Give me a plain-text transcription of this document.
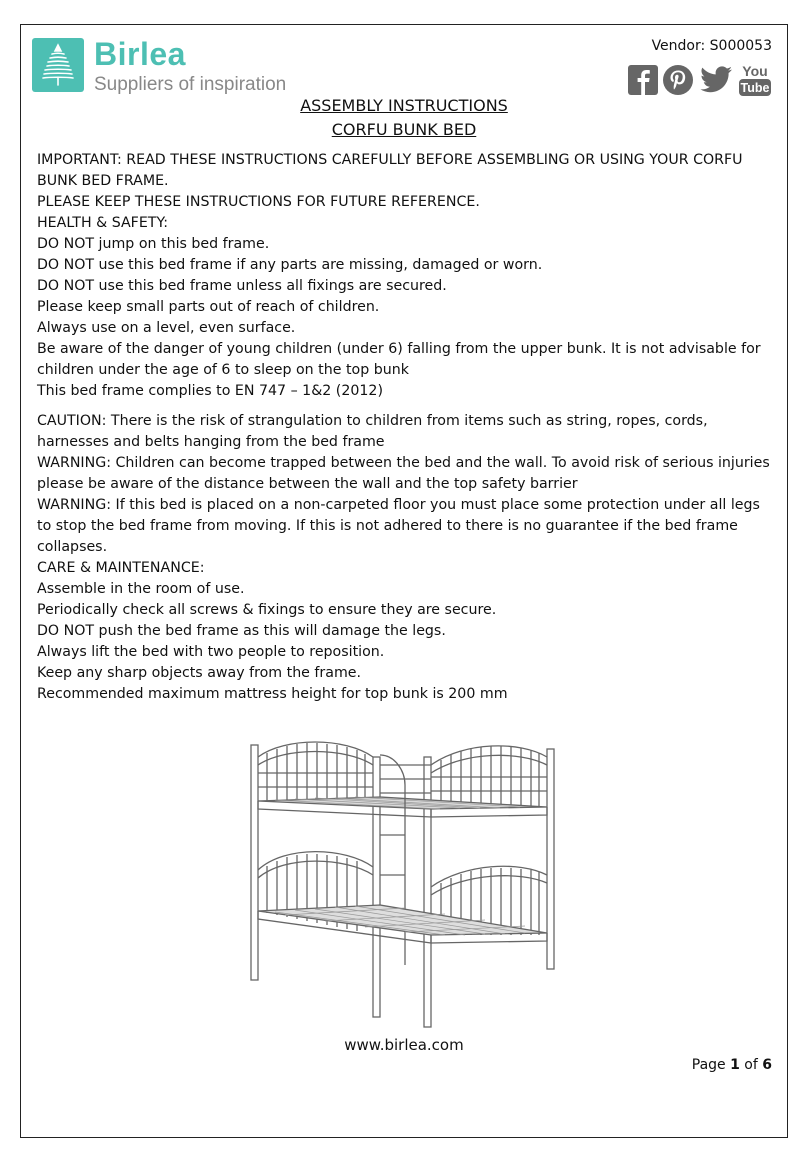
Birlea
Suppliers of inspiration
Vendor: S000053
You
Tube
ASSEMBLY INSTRUCTIONS
CORFU BUNK BED

IMPORTANT: READ THESE INSTRUCTIONS CAREFULLY BEFORE ASSEMBLING OR USING YOUR CORFU BUNK BED FRAME.

PLEASE KEEP THESE INSTRUCTIONS FOR FUTURE REFERENCE.

HEALTH & SAFETY:
DO NOT jump on this bed frame.
DO NOT use this bed frame if any parts are missing, damaged or worn.
DO NOT use this bed frame unless all fixings are secured.
Please keep small parts out of reach of children.
Always use on a level, even surface.
Be aware of the danger of young children (under 6) falling from the upper bunk. It is not advisable for children under the age of 6 to sleep on the top bunk
This bed frame complies to EN 747 – 1&2 (2012)

CAUTION: There is the risk of strangulation to children from items such as string, ropes, cords, harnesses and belts hanging from the bed frame

WARNING: Children can become trapped between the bed and the wall. To avoid risk of serious injuries please be aware of the distance between the wall and the top safety barrier

WARNING: If this bed is placed on a non-carpeted floor you must place some protection under all legs to stop the bed frame from moving. If this is not adhered to there is no guarantee if the bed frame collapses.

CARE & MAINTENANCE:
Assemble in the room of use.
Periodically check all screws & fixings to ensure they are secure.
DO NOT push the bed frame as this will damage the legs.
Always lift the bed with two people to reposition.
Keep any sharp objects away from the frame.
Recommended maximum mattress height for top bunk is 200 mm
www.birlea.com
Page 1 of 6
